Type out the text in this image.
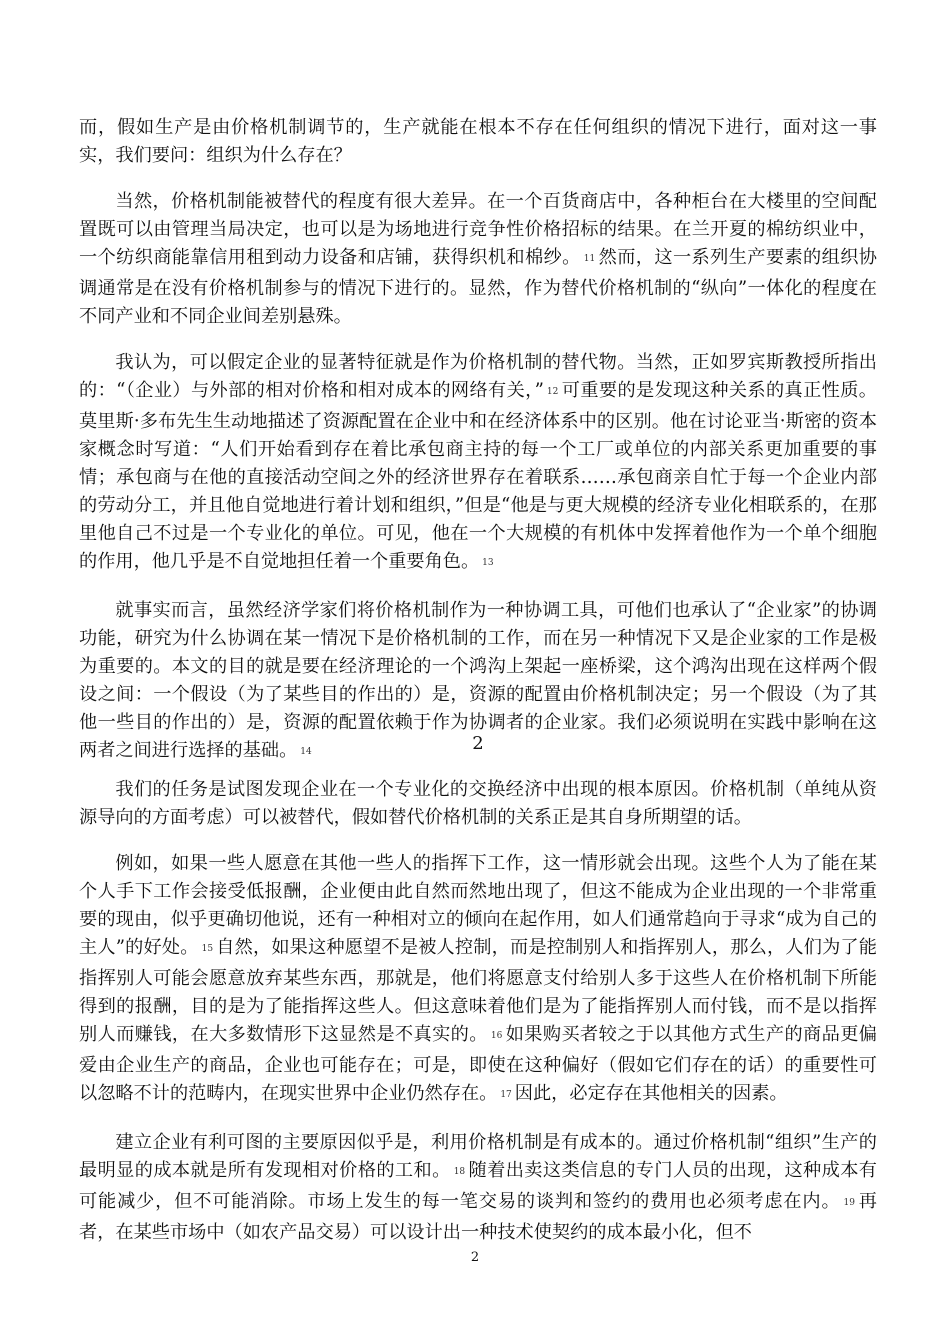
而，假如生产是由价格机制调节的，生产就能在根本不存在任何组织的情况下进行，面对这一事实，我们要问：组织为什么存在？

当然，价格机制能被替代的程度有很大差异。在一个百货商店中，各种柜台在大楼里的空间配置既可以由管理当局决定，也可以是为场地进行竞争性价格招标的结果。在兰开夏的棉纺织业中，一个纺织商能靠信用租到动力设备和店铺，获得织机和棉纱。 11 然而，这一系列生产要素的组织协调通常是在没有价格机制参与的情况下进行的。显然，作为替代价格机制的“纵向”一体化的程度在不同产业和不同企业间差别悬殊。

我认为，可以假定企业的显著特征就是作为价格机制的替代物。当然，正如罗宾斯教授所指出的：“（企业）与外部的相对价格和相对成本的网络有关，” 12 可重要的是发现这种关系的真正性质。莫里斯·多布先生生动地描述了资源配置在企业中和在经济体系中的区别。他在讨论亚当·斯密的资本家概念时写道：“人们开始看到存在着比承包商主持的每一个工厂或单位的内部关系更加重要的事情；承包商与在他的直接活动空间之外的经济世界存在着联系……承包商亲自忙于每一个企业内部的劳动分工，并且他自觉地进行着计划和组织，”但是“他是与更大规模的经济专业化相联系的，在那里他自己不过是一个专业化的单位。可见，他在一个大规模的有机体中发挥着他作为一个单个细胞的作用，他几乎是不自觉地担任着一个重要角色。 13

就事实而言，虽然经济学家们将价格机制作为一种协调工具，可他们也承认了“企业家”的协调功能，研究为什么协调在某一情况下是价格机制的工作，而在另一种情况下又是企业家的工作是极为重要的。本文的目的就是要在经济理论的一个鸿沟上架起一座桥梁，这个鸿沟出现在这样两个假设之间：一个假设（为了某些目的作出的）是，资源的配置由价格机制决定；另一个假设（为了其他一些目的作出的）是，资源的配置依赖于作为协调者的企业家。我们必须说明在实践中影响在这两者之间进行选择的基础。 14	2

我们的任务是试图发现企业在一个专业化的交换经济中出现的根本原因。价格机制（单纯从资源导向的方面考虑）可以被替代，假如替代价格机制的关系正是其自身所期望的话。

例如，如果一些人愿意在其他一些人的指挥下工作，这一情形就会出现。这些个人为了能在某个人手下工作会接受低报酬，企业便由此自然而然地出现了，但这不能成为企业出现的一个非常重要的现由，似乎更确切他说，还有一种相对立的倾向在起作用，如人们通常趋向于寻求“成为自己的主人”的好处。 15 自然，如果这种愿望不是被人控制，而是控制别人和指挥别人，那么，人们为了能指挥别人可能会愿意放弃某些东西，那就是，他们将愿意支付给别人多于这些人在价格机制下所能得到的报酬，目的是为了能指挥这些人。但这意味着他们是为了能指挥别人而付钱，而不是以指挥别人而赚钱，在大多数情形下这显然是不真实的。 16 如果购买者较之于以其他方式生产的商品更偏爱由企业生产的商品，企业也可能存在；可是，即使在这种偏好（假如它们存在的话）的重要性可以忽略不计的范畴内，在现实世界中企业仍然存在。 17 因此，必定存在其他相关的因素。

建立企业有利可图的主要原因似乎是，利用价格机制是有成本的。通过价格机制“组织”生产的最明显的成本就是所有发现相对价格的工和。 18 随着出卖这类信息的专门人员的出现，这种成本有可能减少，但不可能消除。市场上发生的每一笔交易的谈判和签约的费用也必须考虑在内。 19 再者，在某些市场中（如农产品交易）可以设计出一种技术使契约的成本最小化，但不

2
